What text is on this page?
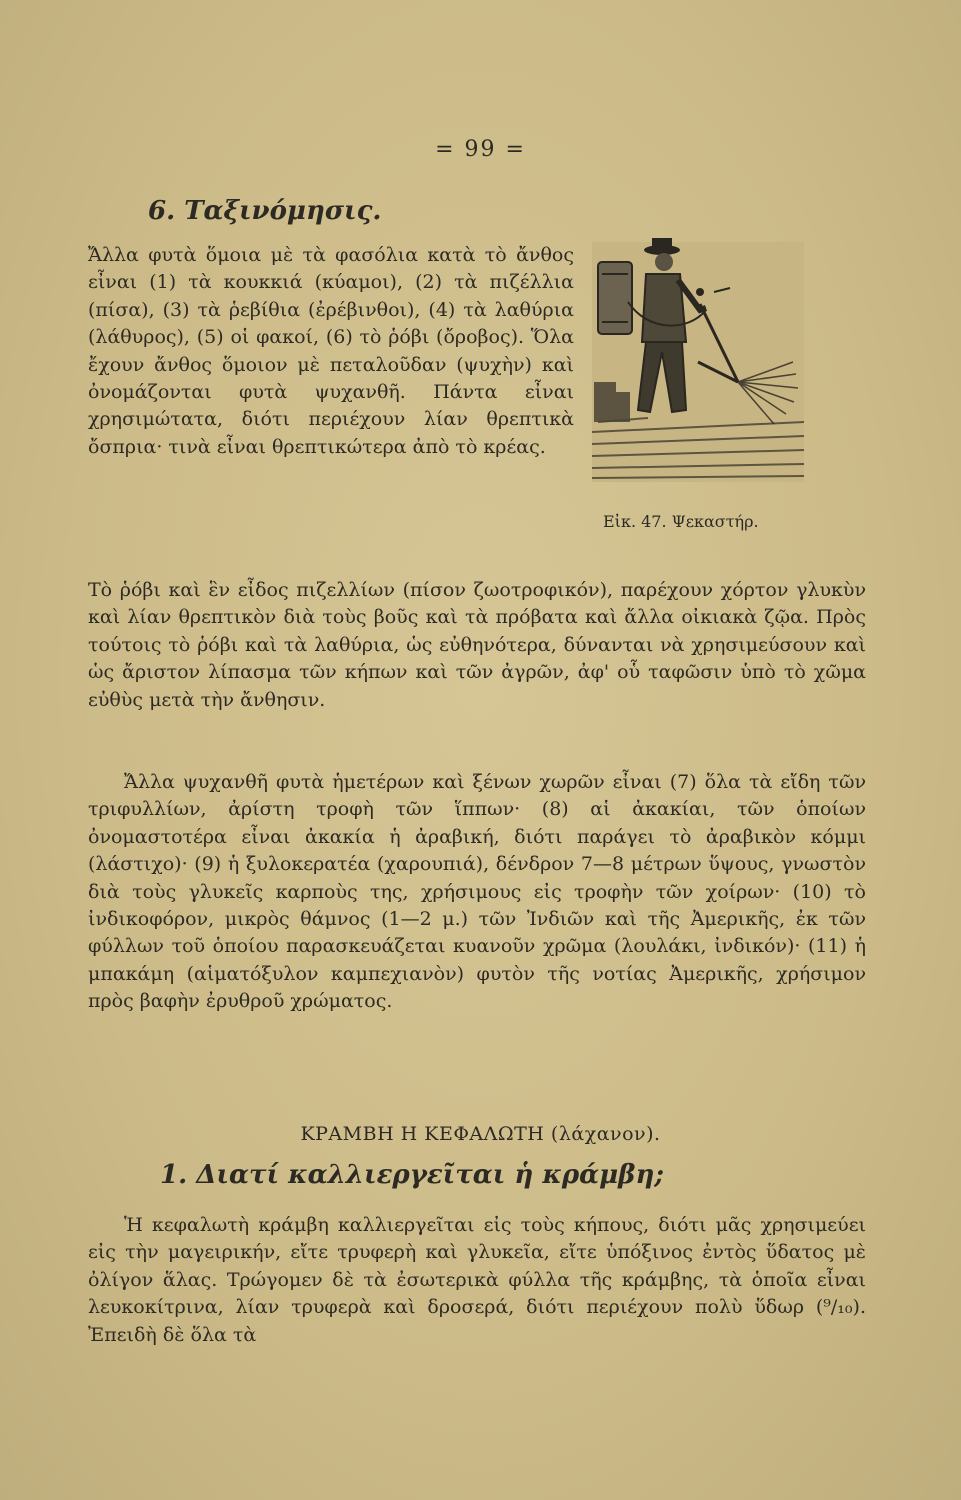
= 99 =
6. Ταξινόμησις.

Ἄλλα φυτὰ ὅμοια μὲ τὰ φασόλια κατὰ τὸ ἄνθος εἶναι (1) τὰ κουκκιά (κύαμοι), (2) τὰ πιζέλλια (πίσα), (3) τὰ ῥεβίθια (ἐρέβινθοι), (4) τὰ λαθύρια (λάθυρος), (5) οἱ φακοί, (6) τὸ ῥόβι (ὄροβος). Ὅλα ἔχουν ἄνθος ὅμοιον μὲ πεταλοῦδαν (ψυχὴν) καὶ ὀνομάζονται φυτὰ ψυχανθῆ. Πάντα εἶναι χρησιμώτατα, διότι περιέχουν λίαν θρεπτικὰ ὄσπρια· τινὰ εἶναι θρεπτικώτερα ἀπὸ τὸ κρέας.

Εἰκ. 47. Ψεκαστήρ.

Τὸ ῥόβι καὶ ἓν εἶδος πιζελλίων (πίσον ζωοτροφικόν), παρέχουν χόρτον γλυκὺν καὶ λίαν θρεπτικὸν διὰ τοὺς βοῦς καὶ τὰ πρόβατα καὶ ἄλλα οἰκιακὰ ζῷα. Πρὸς τούτοις τὸ ῥόβι καὶ τὰ λαθύρια, ὡς εὐθηνότερα, δύνανται νὰ χρησιμεύσουν καὶ ὡς ἄριστον λίπασμα τῶν κήπων καὶ τῶν ἀγρῶν, ἀφ' οὗ ταφῶσιν ὑπὸ τὸ χῶμα εὐθὺς μετὰ τὴν ἄνθησιν.

Ἄλλα ψυχανθῆ φυτὰ ἡμετέρων καὶ ξένων χωρῶν εἶναι (7) ὅλα τὰ εἴδη τῶν τριφυλλίων, ἀρίστη τροφὴ τῶν ἵππων· (8) αἱ ἀκακίαι, τῶν ὁποίων ὀνομαστοτέρα εἶναι ἀκακία ἡ ἀραβική, διότι παράγει τὸ ἀραβικὸν κόμμι (λάστιχο)· (9) ἡ ξυλοκερατέα (χαρουπιά), δένδρον 7—8 μέτρων ὕψους, γνωστὸν διὰ τοὺς γλυκεῖς καρποὺς της, χρήσιμους εἰς τροφὴν τῶν χοίρων· (10) τὸ ἰνδικοφόρον, μικρὸς θάμνος (1—2 μ.) τῶν Ἰνδιῶν καὶ τῆς Ἀμερικῆς, ἐκ τῶν φύλλων τοῦ ὁποίου παρασκευάζεται κυανοῦν χρῶμα (λουλάκι, ἰνδικόν)· (11) ἡ μπακάμη (αἱματόξυλον καμπεχιανὸν) φυτὸν τῆς νοτίας Ἀμερικῆς, χρήσιμον πρὸς βαφὴν ἐρυθροῦ χρώματος.

ΚΡΑΜΒΗ Η ΚΕΦΑΛΩΤΗ (λάχανον).
1. Διατί καλλιεργεῖται ἡ κράμβη;

Ἡ κεφαλωτὴ κράμβη καλλιεργεῖται εἰς τοὺς κήπους, διότι μᾶς χρησιμεύει εἰς τὴν μαγειρικήν, εἴτε τρυφερὴ καὶ γλυκεῖα, εἴτε ὑπόξινος ἐντὸς ὕδατος μὲ ὀλίγον ἅλας. Τρώγομεν δὲ τὰ ἐσωτερικὰ φύλλα τῆς κράμβης, τὰ ὁποῖα εἶναι λευκοκίτρινα, λίαν τρυφερὰ καὶ δροσερά, διότι περιέχουν πολὺ ὕδωρ (⁹/₁₀). Ἐπειδὴ δὲ ὅλα τὰ
